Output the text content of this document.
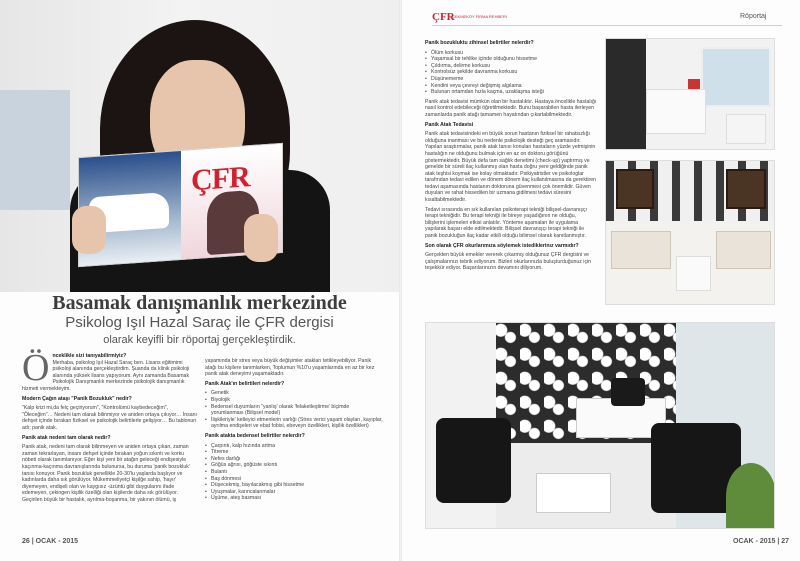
ÇFR
Basamak danışmanlık merkezinde
Psikolog Işıl Hazal Saraç ile ÇFR dergisi
olarak keyifli bir röportaj gerçekleştirdik.

Önceklikle sizi tanıyabilirmiyiz?
Merhaba, psikolog Işıl Hazal Saraç ben. Lisans eğitimimi psikoloji alanında gerçekleştirdim. Şuanda da klinik psikoloji alanında yüksek lisans yapıyorum. Aynı zamanda Basamak Psikolojik Danışmanlık merkezinde psikolojik danışmanlık hizmeti vermekteyim.

Modern Çağın ataşı "Panik Bozukluk" nedir?

"Kalp krizi mi,da felç geçiriyorum", "Kontrolümü kaybedeceğim", "Öleceğim"… Nedeni tam olarak bilinmiyor ve aniden ortaya çıkıyor… İnsanı dehşet içinde bırakan fiziksel ve psikolojik belirtilerle gelişiyor… Bu tablonun adı; panik atak.

Panik atak nedeni tam olarak nedir?

Panik atak, nedeni tam olarak bilinmeyen ve aniden ortaya çıkan, zaman zaman tekrarlayan, insanı dehşet içinde bırakan yoğun sıkıntı ve korku nöbeti olarak tanımlanıyor. Eğer kişi yeni bir atağın geleceği endişesiyle kaçınma-kaçınma davranışlarında bulunursa, bu duruma 'panik bozukluk' tanısı konuyor. Panik bozukluk genellikle 20-30'lu yaşlarda başlıyor ve kadınlarda daha sık görülüyor. Mükemmeliyetçi kişilğe sahip, 'hayır' diyemeyen, endişeli olan ve kaygısız -üzüntü gibi duygularını ifade edemeyen, çekingen kişilik özelliği olan kişilerde daha sık görülüyor. Geçirilen büyük bir hastalık, ayrılma-boşanma, bir yakının ölümü, iş

yaşamında bir stres veya büyük değişimler atakları tetikleyebiliyor. Panik atağı bu kişilere tanımlarken, Toplumun %10'u yaşamlarında en az bir kez panik atak deneyimi yaşamaktadır.

Panik Atak'ın belirtileri nelerdir?

• Genetik
• Biyolojik
• Bedensel duyumların "yanlış' olarak 'felaketleştirme' biçimde yorumlanması (Bilişsel model)
• İlişkileriyle' ketleyici etmenlerin varlığı (Stres verici yaşam olayları, kayıplar, ayrılma endişeleri ve ebat fobisi, ebeveyn özellikleri, kişilik özellikleri)

Panik atakta bedensel belirtiler nelerdir?

• Çarpıntı, kalp hızında artma
• Titreme
• Nefes darlığı
• Göğüs ağrısı, göğüste sıkıntı
• Bulantı
• Baş dönmesi
• Düşecekmiş, bayılacakmış gibi hissetme
• Uyuşmalar, karıncalanmalar
• Üşüme, ateş basması
26 | OCAK - 2015
ÇFR
ÇEKMEKÖY FİRMA REHBERİ	Röportaj

Panik bozukluktu zihinsel belirtiler nelerdir?

• Ölüm korkusu
• Yaşamsal bir tehlike içinde olduğunu hissetme
• Çıldırma, delirme korkusu
• Kontrolsüz şekilde davranma korkusu
• Düşünememe
• Kendini veya çevreyi değişmiş algılama
• Bulunan ortamdan hızla kaçma, uzaklaşma isteği

Panik atak tedavisi mümkün olan bir hastalıktır. Hastaya öncelikle hastalığı nasıl kontrol edebileceği öğretilmektedir. Bunu başarabilen hasta ilerleyen zamanlarda panik atağı tamamen hayatından çıkartabilmektedir.

Panik Atak Tedavisi

Panik atak tedavisindeki en büyük sorun hastanın fiziksel bir rahatsızlığı olduğuna inanması ve bu nedenle psikolojik desteği geç aramasıdır. Yapılan araştırmalar, panik atak tanısı konulan hastaların yüzde yetmişinin hastalığın ne olduğunu bulmak için en az on doktoru görüğünü göstermektedir. Büyük defa tam sağlık denetimi (check-up) yaptırmış ve genelde bir süreli ilaç kullanmış olan hasta doğru yere geldiğinde panik atak teşhisi koymak ise kolay olmaktadır. Psikiyatristler ve psikologlar tarafından tedavi edilen ve dönem dönem ilaç kullanılmasına da gerektiren tedavi aşamasında hastanın doktoruna güvenmesi çok önemlidir. Güven duyulan ve rahat hissedilen bir uzmana gidilmesi tedavi süresini kısaltabilmektedir.

Tedavi sırasında en sık kullanılan psikoterapi tekniği bilişsel-davranışçı terapi tekniğidir. Bu terapi tekniği ile bireye yaşadığının ne olduğu, bilişlerini işlemeleri etkisi anlatılır. Yönteme aşamaları ile uygulama yapılarak başarı elde edilmektedir. Bilişsel davranışçı terapi tekniği ile panik bozukluğun ilaç kadar etkili olduğu bilimsel olarak kanıtlanmıştır.

Son olarak ÇFR okurlarımıza söylemek istediklerinız varmıdır?

Gerçekten büyük emekler vererek çıkarmış olduğunuz ÇFR dergisini ve çalışmalarınızı tebrik ediyorum. Bizleri okurlarınızla buluşturduğunuz için teşekkür ediyor. Başarılarınızın devamını diliyorum.

OCAK - 2015 | 27
